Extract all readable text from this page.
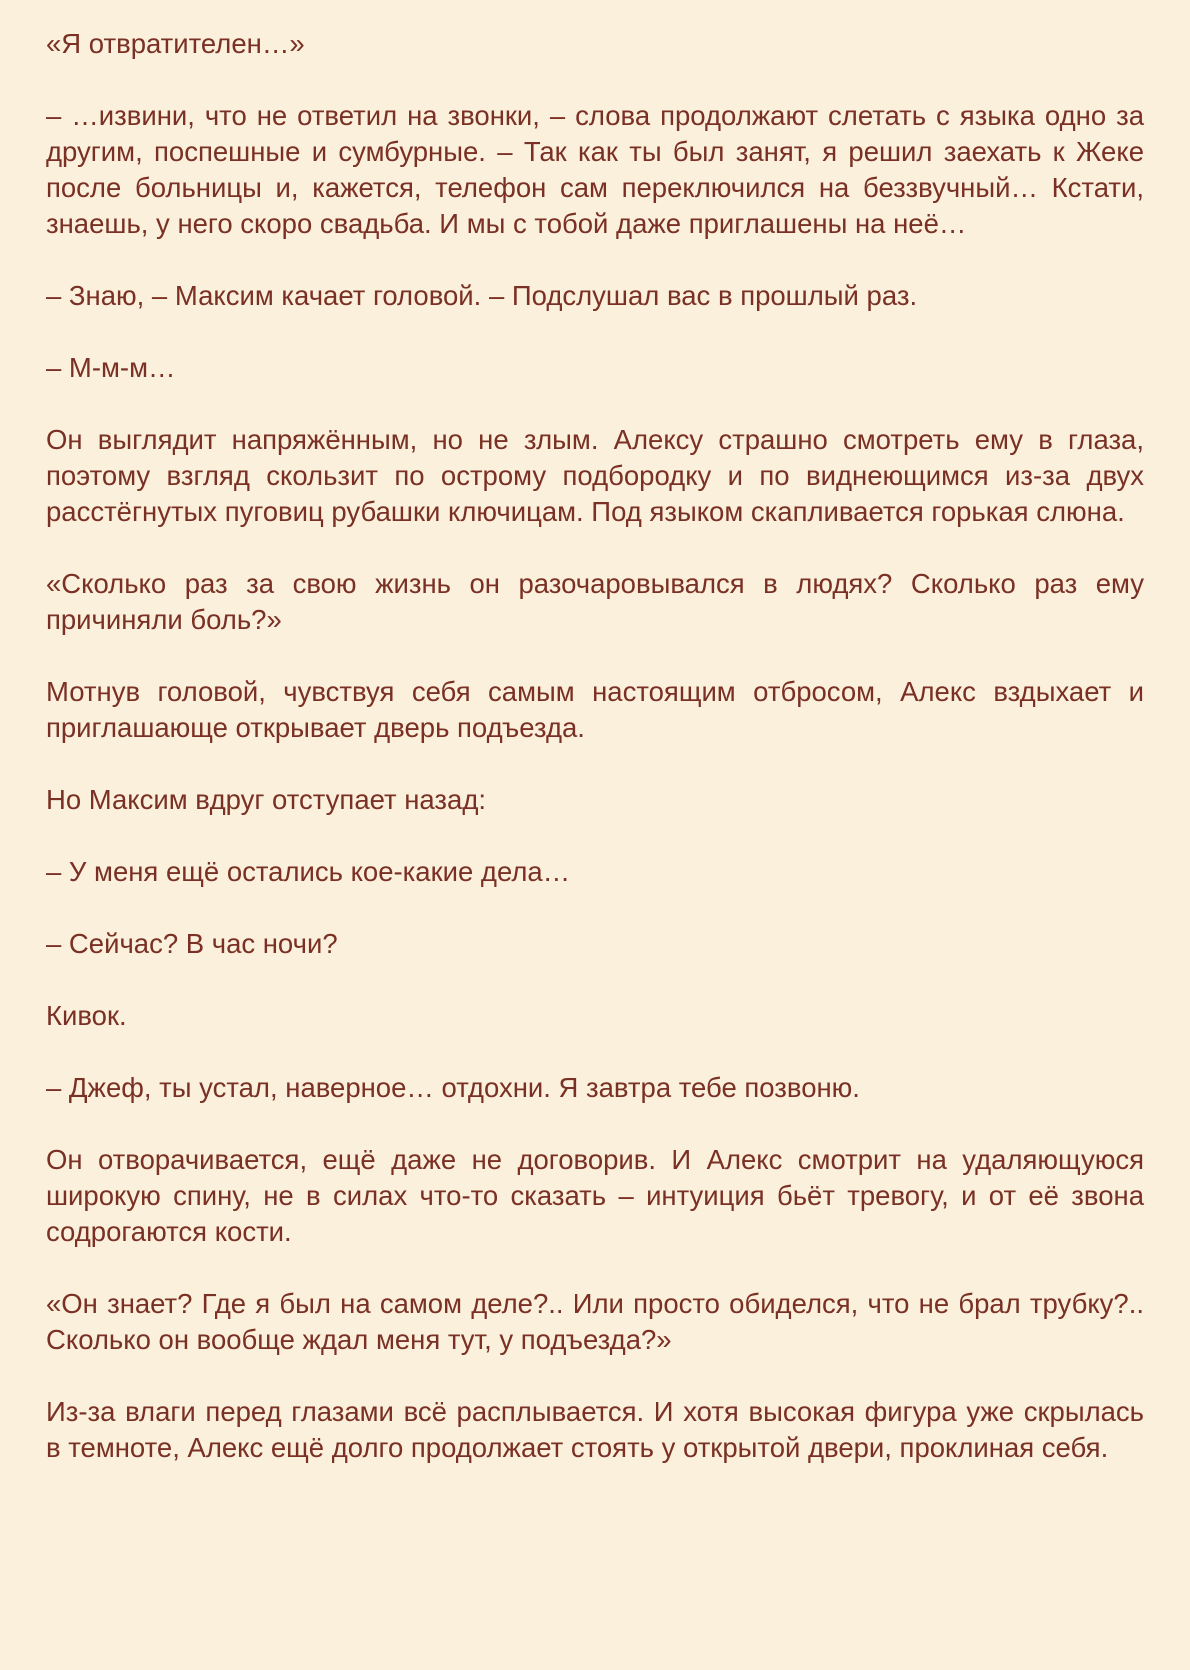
«Я отвратителен…»

– …извини, что не ответил на звонки, – слова продолжают слетать с языка одно за другим, поспешные и сумбурные. – Так как ты был занят, я решил заехать к Жеке после больницы и, кажется, телефон сам переключился на беззвучный… Кстати, знаешь, у него скоро свадьба. И мы с тобой даже приглашены на неё…

– Знаю, – Максим качает головой. – Подслушал вас в прошлый раз.

– М-м-м…

Он выглядит напряжённым, но не злым. Алексу страшно смотреть ему в глаза, поэтому взгляд скользит по острому подбородку и по виднеющимся из-за двух расстёгнутых пуговиц рубашки ключицам. Под языком скапливается горькая слюна.

«Сколько раз за свою жизнь он разочаровывался в людях? Сколько раз ему причиняли боль?»

Мотнув головой, чувствуя себя самым настоящим отбросом, Алекс вздыхает и приглашающе открывает дверь подъезда.

Но Максим вдруг отступает назад:

– У меня ещё остались кое-какие дела…

– Сейчас? В час ночи?

Кивок.

– Джеф, ты устал, наверное… отдохни. Я завтра тебе позвоню.

Он отворачивается, ещё даже не договорив. И Алекс смотрит на удаляющуюся широкую спину, не в силах что-то сказать – интуиция бьёт тревогу, и от её звона содрогаются кости.

«Он знает? Где я был на самом деле?.. Или просто обиделся, что не брал трубку?.. Сколько он вообще ждал меня тут, у подъезда?»

Из-за влаги перед глазами всё расплывается. И хотя высокая фигура уже скрылась в темноте, Алекс ещё долго продолжает стоять у открытой двери, проклиная себя.
